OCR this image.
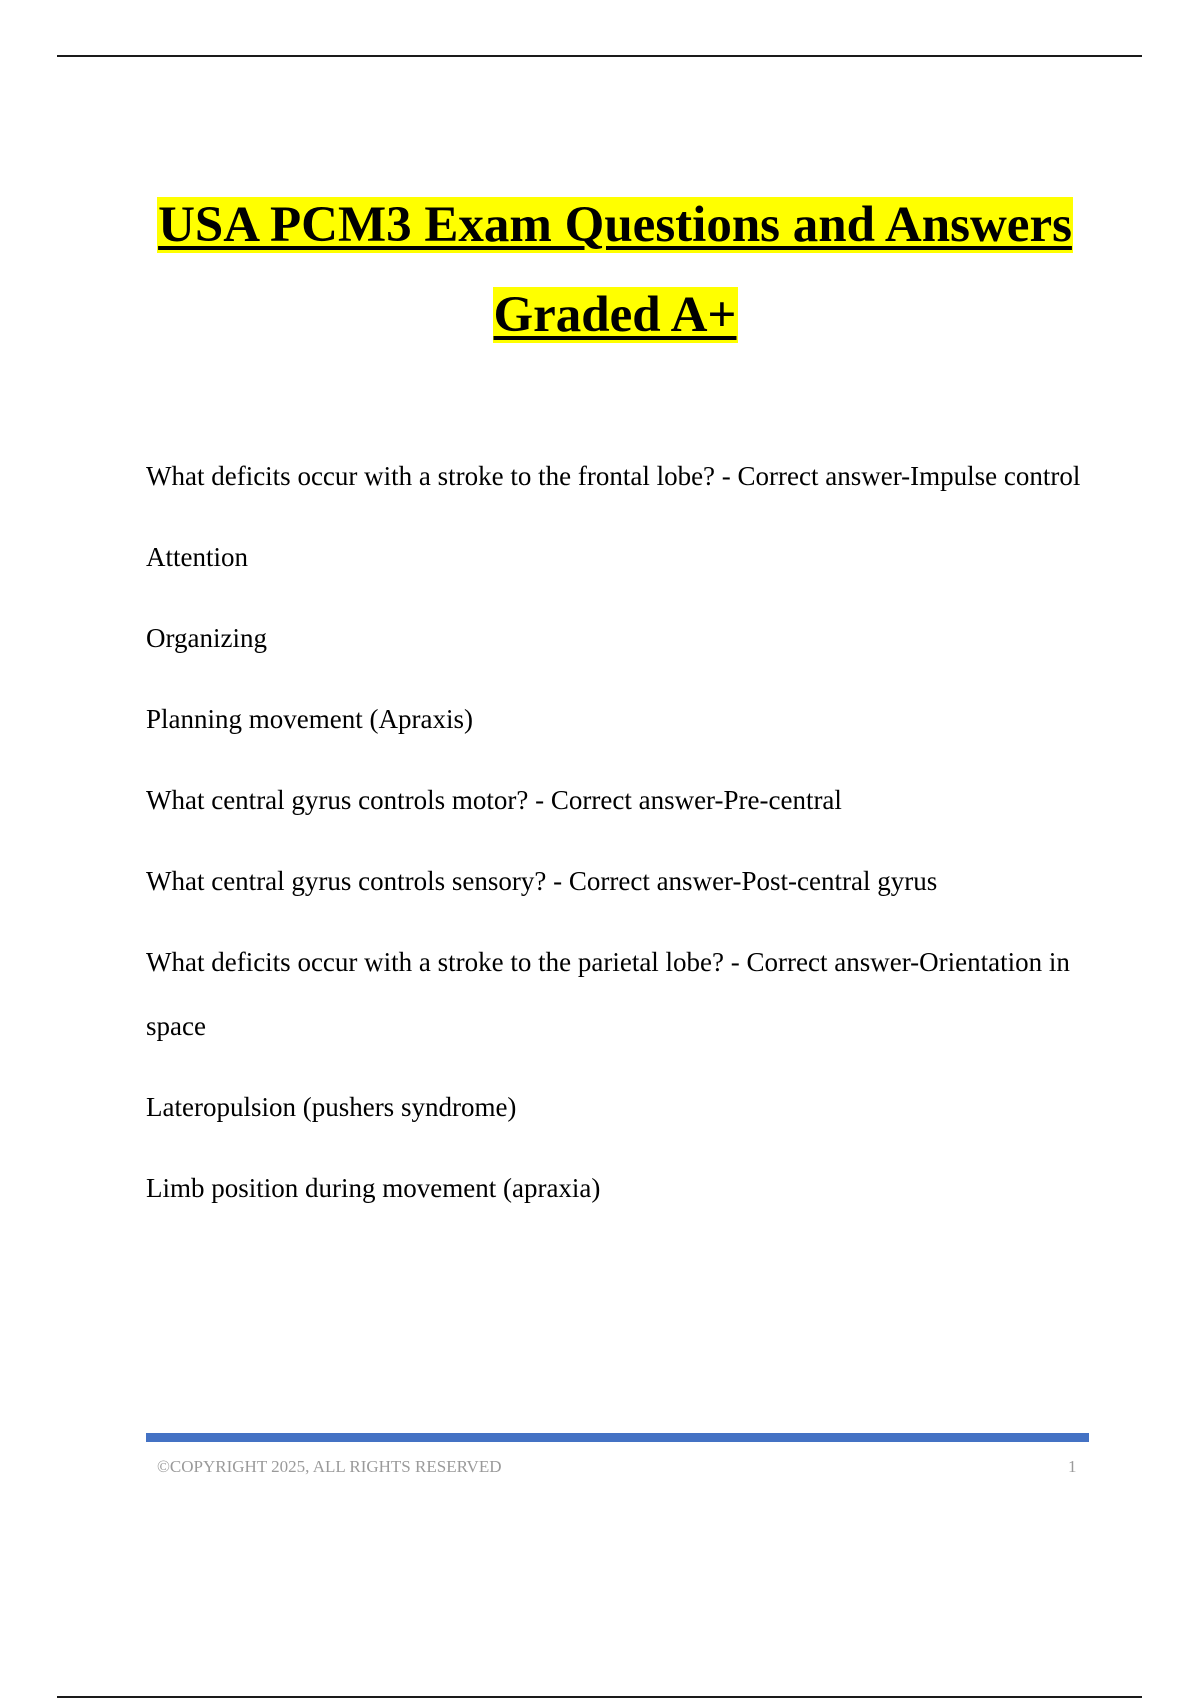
USA PCM3 Exam Questions and Answers
Graded A+

What deficits occur with a stroke to the frontal lobe? - Correct answer-Impulse control

Attention

Organizing

Planning movement (Apraxis)

What central gyrus controls motor? - Correct answer-Pre-central

What central gyrus controls sensory? - Correct answer-Post-central gyrus

What deficits occur with a stroke to the parietal lobe? - Correct answer-Orientation in space

Lateropulsion (pushers syndrome)

Limb position during movement (apraxia)

©COPYRIGHT 2025, ALL RIGHTS RESERVED	1
